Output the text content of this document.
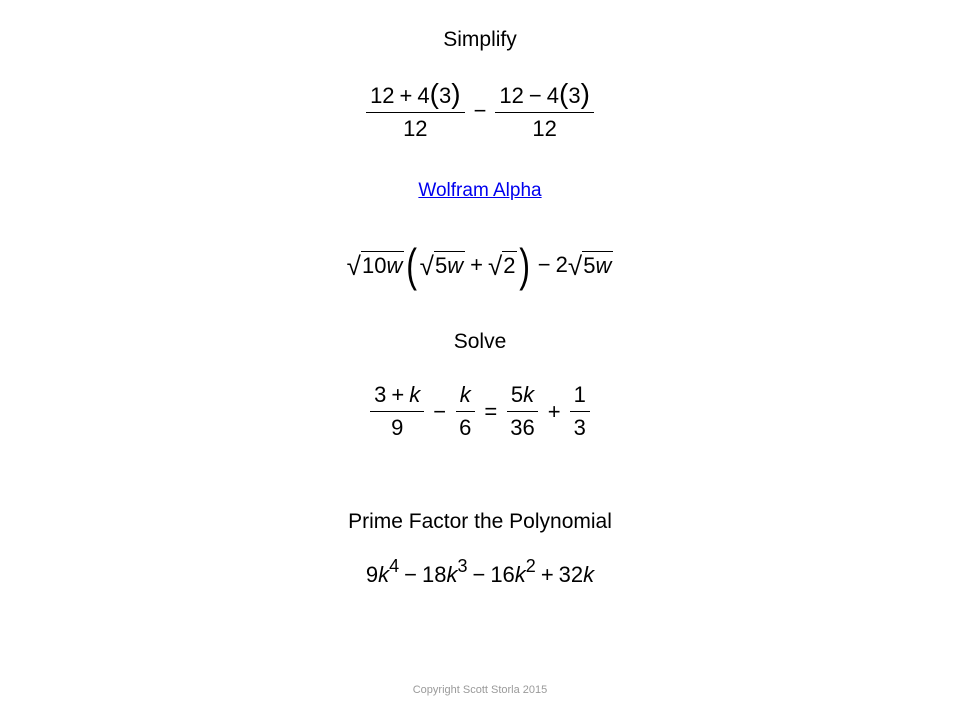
Simplify
$\frac{12 + 4(3)}{12} - \frac{12 - 4(3)}{12}$
Wolfram Alpha
√ 10w ( √ 5w + √ 2 ) − 2 √ 5w
Solve
$\frac{3 + k}{9} - \frac{k}{6} = \frac{5k}{36} + \frac{1}{3}$
Prime Factor the Polynomial
$9k^4 - 18k^3 - 16k^2 + 32k$
Copyright Scott Storla 2015
